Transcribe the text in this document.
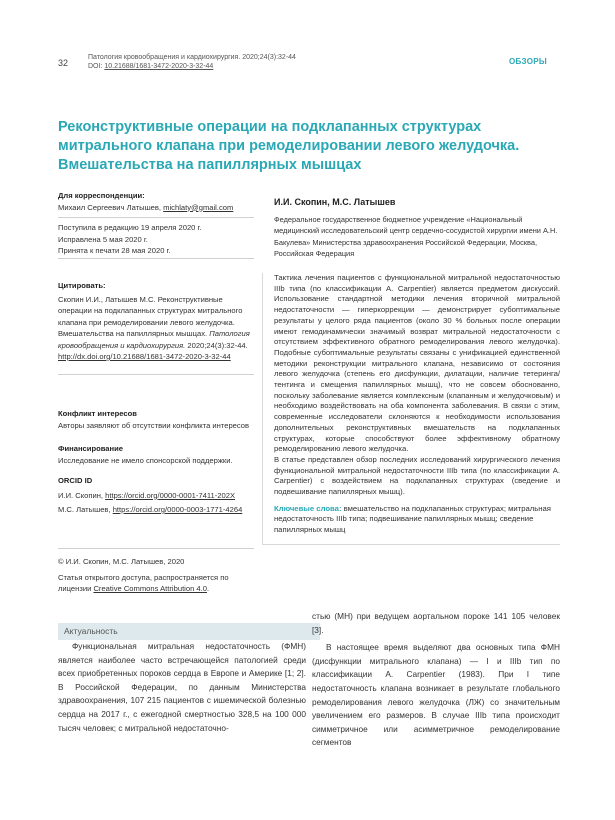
32
Патология кровообращения и кардиохирургия. 2020;24(3):32-44
DOI: 10.21688/1681-3472-2020-3-32-44
ОБЗОРЫ
Реконструктивные операции на подклапанных структурах митрального клапана при ремоделировании левого желудочка. Вмешательства на папиллярных мышцах
Для корреспонденции:
Михаил Сергеевич Латышев, michlaty@gmail.com
Поступила в редакцию 19 апреля 2020 г.
Исправлена 5 мая 2020 г.
Принята к печати 28 мая 2020 г.
Цитировать:
Скопин И.И., Латышев М.С. Реконструктивные операции на подклапанных структурах митрального клапана при ремоделировании левого желудочка. Вмешательства на папиллярных мышцах. Патология кровообращения и кардиохирургия. 2020;24(3):32-44. http://dx.doi.org/10.21688/1681-3472-2020-3-32-44
Конфликт интересов
Авторы заявляют об отсутствии конфликта интересов
Финансирование
Исследование не имело спонсорской поддержки.
ORCID ID
И.И. Скопин, https://orcid.org/0000-0001-7411-202X
М.С. Латышев, https://orcid.org/0000-0003-1771-4264
© И.И. Скопин, М.С. Латышев, 2020
Статья открытого доступа, распространяется по лицензии Creative Commons Attribution 4.0.
И.И. Скопин, М.С. Латышев
Федеральное государственное бюджетное учреждение «Национальный медицинский исследовательский центр сердечно-сосудистой хирургии имени А.Н. Бакулева» Министерства здравоохранения Российской Федерации, Москва, Российская Федерация

Тактика лечения пациентов с функциональной митральной недостаточностью IIIb типа (по классификации A. Carpentier) является предметом дискуссий. Использование стандартной методики лечения вторичной митральной недостаточности — гиперкоррекции — демонстрирует субоптимальные результаты у целого ряда пациентов (около 30 % больных после операции имеют гемодинамически значимый возврат митральной недостаточности с отсутствием эффективного обратного ремоделирования левого желудочка). Подобные субоптимальные результаты связаны с унификацией единственной методики реконструкции митрального клапана, независимо от состояния левого желудочка (степень его дисфункции, дилатации, наличие тетеринга/тентинга и смещения папиллярных мышц), что не совсем обоснованно, поскольку заболевание является комплексным (клапанным и желудочковым) и необходимо воздействовать на оба компонента заболевания. В связи с этим, современные исследователи склоняются к необходимости использования дополнительных реконструктивных вмешательств на подклапанных структурах, которые способствуют более эффективному обратному ремоделированию левого желудочка.

В статье представлен обзор последних исследований хирургического лечения функциональной митральной недостаточности IIIb типа (по классификации A. Carpentier) с воздействием на подклапанных структурах (сведение и подвешивание папиллярных мышц).

Ключевые слова: вмешательство на подклапанных структурах; митральная недостаточность IIIb типа; подвешивание папиллярных мышц; сведение папиллярных мышц
Актуальность

Функциональная митральная недостаточность (ФМН) является наиболее часто встречающейся патологией среди всех приобретенных пороков сердца в Европе и Америке [1; 2]. В Российской Федерации, по данным Министерства здравоохранения, 107 215 пациентов с ишемической болезнью сердца на 2017 г., с ежегодной смертностью 328,5 на 100 000 тысяч человек; с митральной недостаточно-

стью (МН) при ведущем аортальном пороке 141 105 человек [3].

В настоящее время выделяют два основных типа ФМН (дисфункции митрального клапана) — I и IIIb тип по классификации A. Carpentier (1983). При I типе недостаточность клапана возникает в результате глобального ремоделирования левого желудочка (ЛЖ) со значительным увеличением его размеров. В случае IIIb типа происходит симметричное или асимметричное ремоделирование сегментов
